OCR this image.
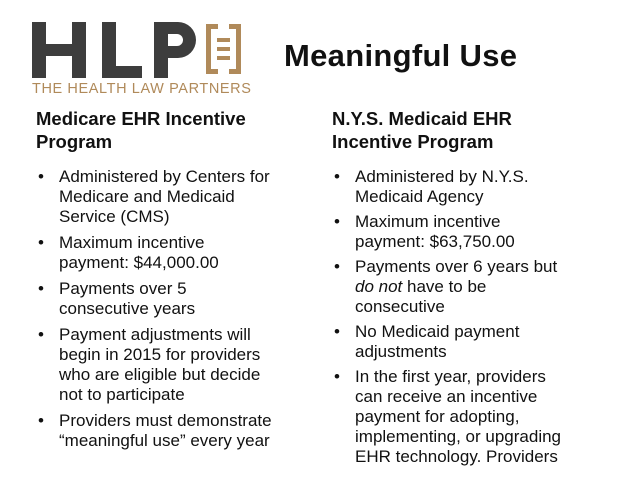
THE HEALTH LAW PARTNERS
Meaningful Use
Medicare EHR Incentive
Program
• Administered by Centers for
Medicare and Medicaid
Service (CMS)
• Maximum incentive
payment: $44,000.00
• Payments over 5
consecutive years
• Payment adjustments will
begin in 2015 for providers
who are eligible but decide
not to participate
• Providers must demonstrate
“meaningful use” every year
N.Y.S. Medicaid EHR
Incentive Program
• Administered by N.Y.S.
Medicaid Agency
• Maximum incentive
payment: $63,750.00
• Payments over 6 years but
do not have to be
consecutive
• No Medicaid payment
adjustments
• In the first year, providers
can receive an incentive
payment for adopting,
implementing, or upgrading
EHR technology. Providers
